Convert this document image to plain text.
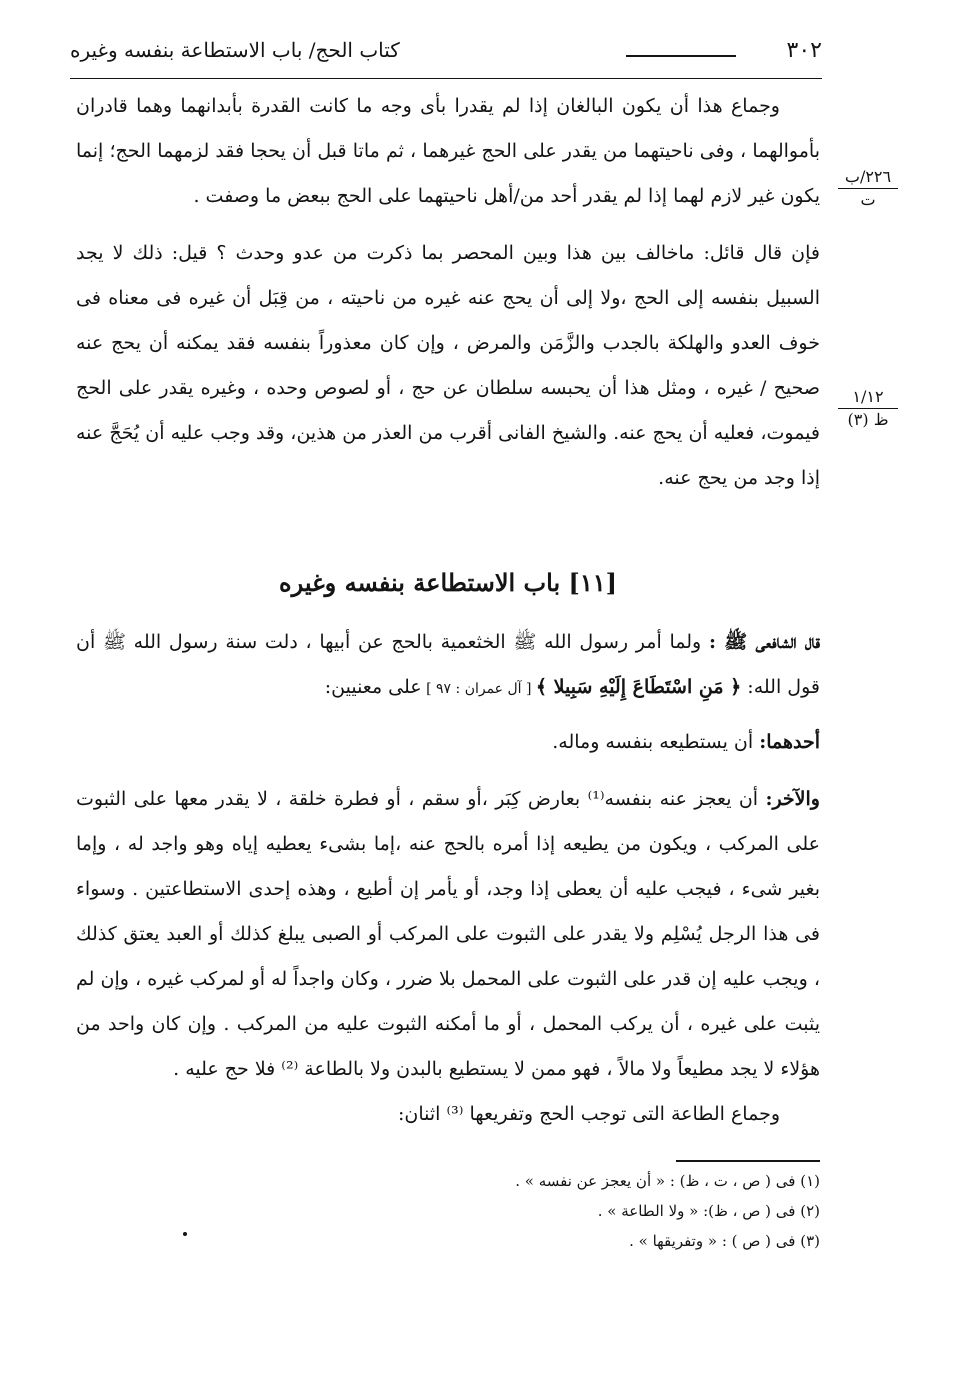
٣٠٢
كتاب الحج/ باب الاستطاعة بنفسه وغيره
٢٢٦/ب
ت
١/١٢
ظ (٣)

وجماع هذا أن يكون البالغان إذا لم يقدرا بأى وجه ما كانت القدرة بأبدانهما وهما قادران بأموالهما ، وفى ناحيتهما من يقدر على الحج غيرهما ، ثم ماتا قبل أن يحجا فقد لزمهما الحج؛ إنما يكون غير لازم لهما إذا لم يقدر أحد من/أهل ناحيتهما على الحج ببعض ما وصفت .

فإن قال قائل: ماخالف بين هذا وبين المحصر بما ذكرت من عدو وحدث ؟ قيل: ذلك لا يجد السبيل بنفسه إلى الحج ،ولا إلى أن يحج عنه غيره من ناحيته ، من قِبَل أن غيره فى معناه فى خوف العدو والهلكة بالجدب والزَّمَن والمرض ، وإن كان معذوراً بنفسه فقد يمكنه أن يحج عنه صحيح / غيره ، ومثل هذا أن يحبسه سلطان عن حج ، أو لصوص وحده ، وغيره يقدر على الحج فيموت، فعليه أن يحج عنه. والشيخ الفانى أقرب من العذر من هذين، وقد وجب عليه أن يُحَجَّ عنه إذا وجد من يحج عنه.

[١١] باب الاستطاعة بنفسه وغيره

قال الشافعى ﷺ : ولما أمر رسول الله ﷺ الخثعمية بالحج عن أبيها ، دلت سنة رسول الله ﷺ أن قول الله: ﴿ مَنِ اسْتَطَاعَ إِلَيْهِ سَبِيلا ﴾ [ آل عمران : ٩٧ ] على معنيين:

أحدهما: أن يستطيعه بنفسه وماله.

والآخر: أن يعجز عنه بنفسه⁽¹⁾ بعارض كِبَر ،أو سقم ، أو فطرة خلقة ، لا يقدر معها على الثبوت على المركب ، ويكون من يطيعه إذا أمره بالحج عنه ،إما بشىء يعطيه إياه وهو واجد له ، وإما بغير شىء ، فيجب عليه أن يعطى إذا وجد، أو يأمر إن أطيع ، وهذه إحدى الاستطاعتين . وسواء فى هذا الرجل يُسْلِم ولا يقدر على الثبوت على المركب أو الصبى يبلغ كذلك أو العبد يعتق كذلك ، ويجب عليه إن قدر على الثبوت على المحمل بلا ضرر ، وكان واجداً له أو لمركب غيره ، وإن لم يثبت على غيره ، أن يركب المحمل ، أو ما أمكنه الثبوت عليه من المركب . وإن كان واحد من هؤلاء لا يجد مطيعاً ولا مالاً ، فهو ممن لا يستطيع بالبدن ولا بالطاعة ⁽²⁾ فلا حج عليه .

وجماع الطاعة التى توجب الحج وتفريعها ⁽³⁾ اثنان:

(١) فى ( ص ، ت ، ظ) : « أن يعجز عن نفسه » .
(٢) فى ( ص ، ظ): « ولا الطاعة » .
(٣) فى ( ص ) : « وتفريقها » .
